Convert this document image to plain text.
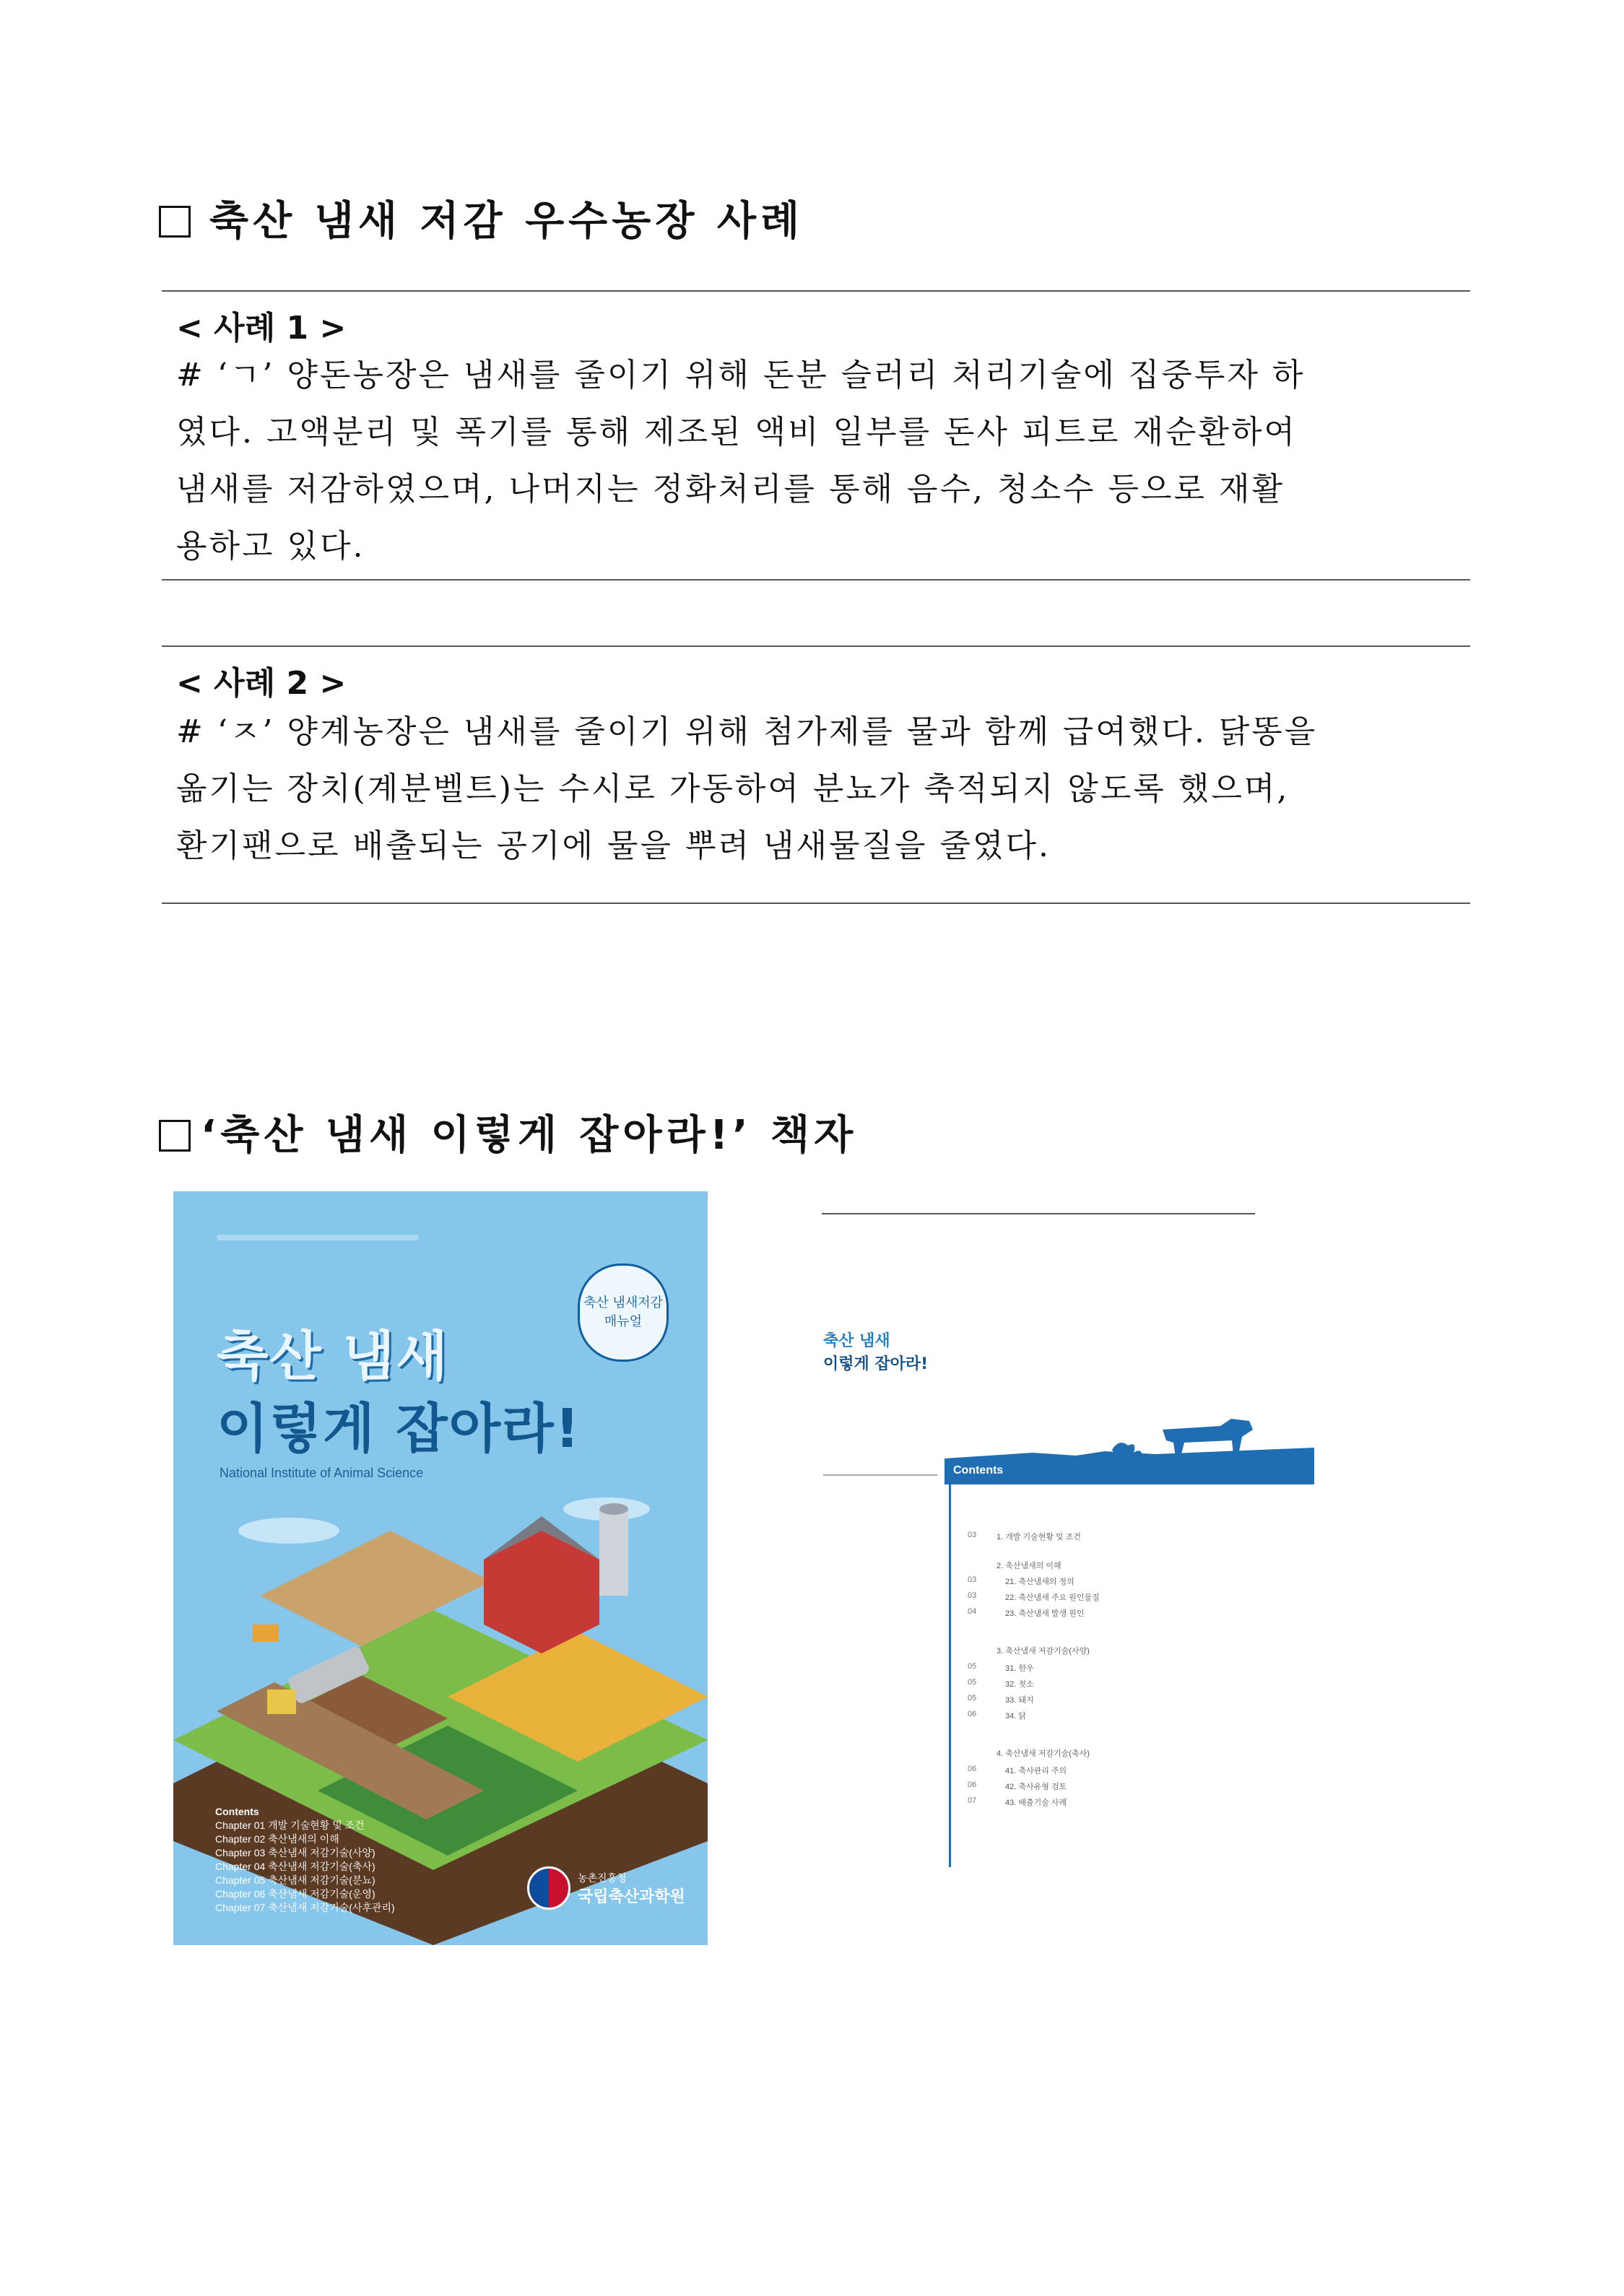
축산 냄새 저감 우수농장 사례
< 사례 1 >
# ‘ㄱ’ 양돈농장은 냄새를 줄이기 위해 돈분 슬러리 처리기술에 집중투자 하
였다. 고액분리 및 폭기를 통해 제조된 액비 일부를 돈사 피트로 재순환하여
냄새를 저감하였으며, 나머지는 정화처리를 통해 음수, 청소수 등으로 재활
용하고 있다.
< 사례 2 >
# ‘ㅈ’ 양계농장은 냄새를 줄이기 위해 첨가제를 물과 함께 급여했다. 닭똥을
옮기는 장치(계분벨트)는 수시로 가동하여 분뇨가 축적되지 않도록 했으며,
환기팬으로 배출되는 공기에 물을 뿌려 냄새물질을 줄였다.
‘축산 냄새 이렇게 잡아라!’ 책자
축산 냄새저감 매뉴얼
축산 냄새
이렇게 잡아라!
National Institute of Animal Science
Contents
Chapter 01 개발 기술현황 및 조건
Chapter 02 축산냄새의 이해
Chapter 03 축산냄새 저감기술(사양)
Chapter 04 축산냄새 저감기술(축사)
Chapter 05 축산냄새 저감기술(분뇨)
Chapter 06 축산냄새 저감기술(운영)
Chapter 07 축산냄새 저감기술(사후관리)
농촌진흥청
국립축산과학원

축산 냄새
이렇게 잡아라!
Contents
03	1. 개발 기술현황 및 조건
2. 축산냄새의 이해
03	21. 축산냄새의 정의
03	22. 축산냄새 주요 원인물질
04	23. 축산냄새 발생 원인
3. 축산냄새 저감기술(사양)
05	31. 한우
05	32. 젖소
05	33. 돼지
06	34. 닭
4. 축산냄새 저감기술(축사)
06	41. 축사관리 주의
06	42. 축사유형 검토
07	43. 배출기술 사례
